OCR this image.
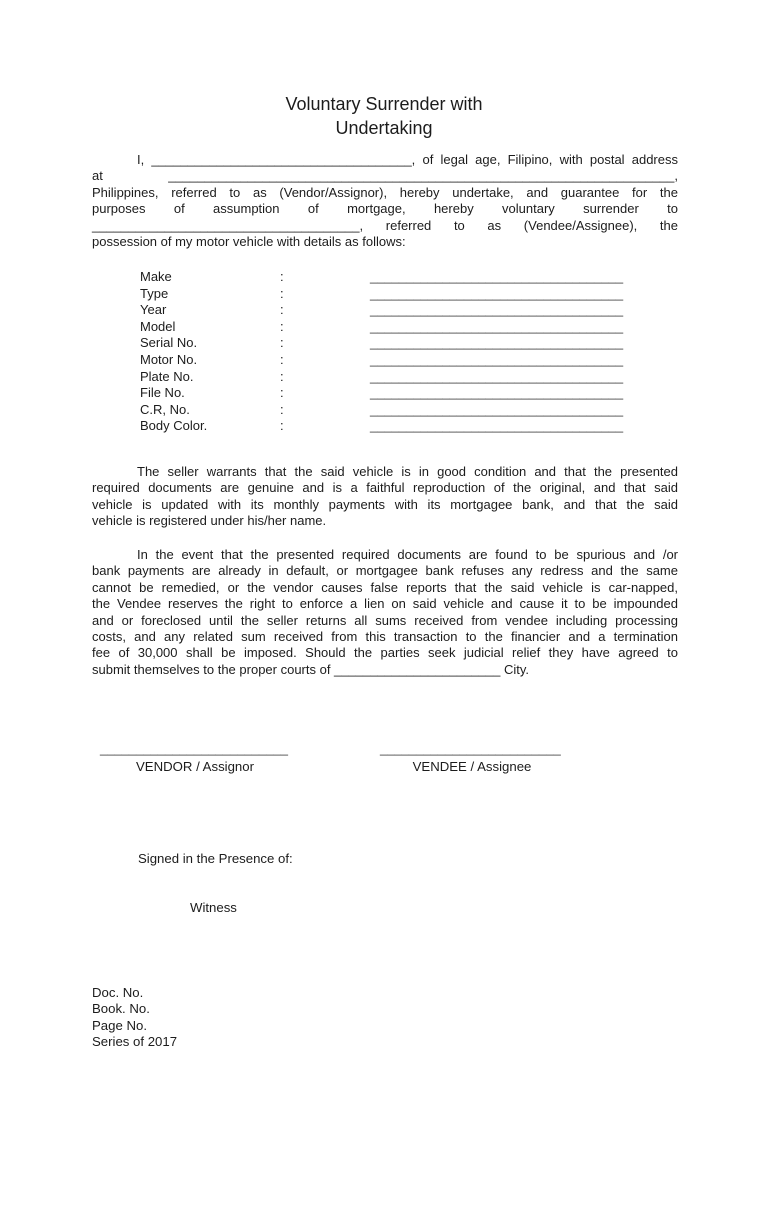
Voluntary Surrender with
Undertaking
I, ____________________________________, of legal age, Filipino, with postal address
at ______________________________________________________________________,
Philippines, referred to as (Vendor/Assignor), hereby undertake, and guarantee for the
purposes of assumption of mortgage, hereby voluntary surrender to
_____________________________________, referred to as (Vendee/Assignee), the
possession of my motor vehicle with details as follows:
Make	:	___________________________________
Type	:	___________________________________
Year	:	___________________________________
Model	:	___________________________________
Serial No.	:	___________________________________
Motor No.	:	___________________________________
Plate No.	:	___________________________________
File No.	:	___________________________________
C.R, No.	:	___________________________________
Body Color.	:	___________________________________
The seller warrants that the said vehicle is in good condition and that the presented
required documents are genuine and is a faithful reproduction of the original, and that said
vehicle is updated with its monthly payments with its mortgagee bank, and that the said
vehicle is registered under his/her name.
In the event that the presented required documents are found to be spurious and /or
bank payments are already in default, or mortgagee bank refuses any redress and the same
cannot be remedied, or the vendor causes false reports that the said vehicle is car-napped,
the Vendee reserves the right to enforce a lien on said vehicle and cause it to be impounded
and or foreclosed until the seller returns all sums received from vendee including processing
costs, and any related sum received from this transaction to the financier and a termination
fee of 30,000 shall be imposed. Should the parties seek judicial relief they have agreed to
submit themselves to the proper courts of _______________________ City.
__________________________
VENDOR / Assignor
_________________________
VENDEE / Assignee
Signed in the Presence of:
Witness
Doc. No.
Book. No.
Page No.
Series of 2017
